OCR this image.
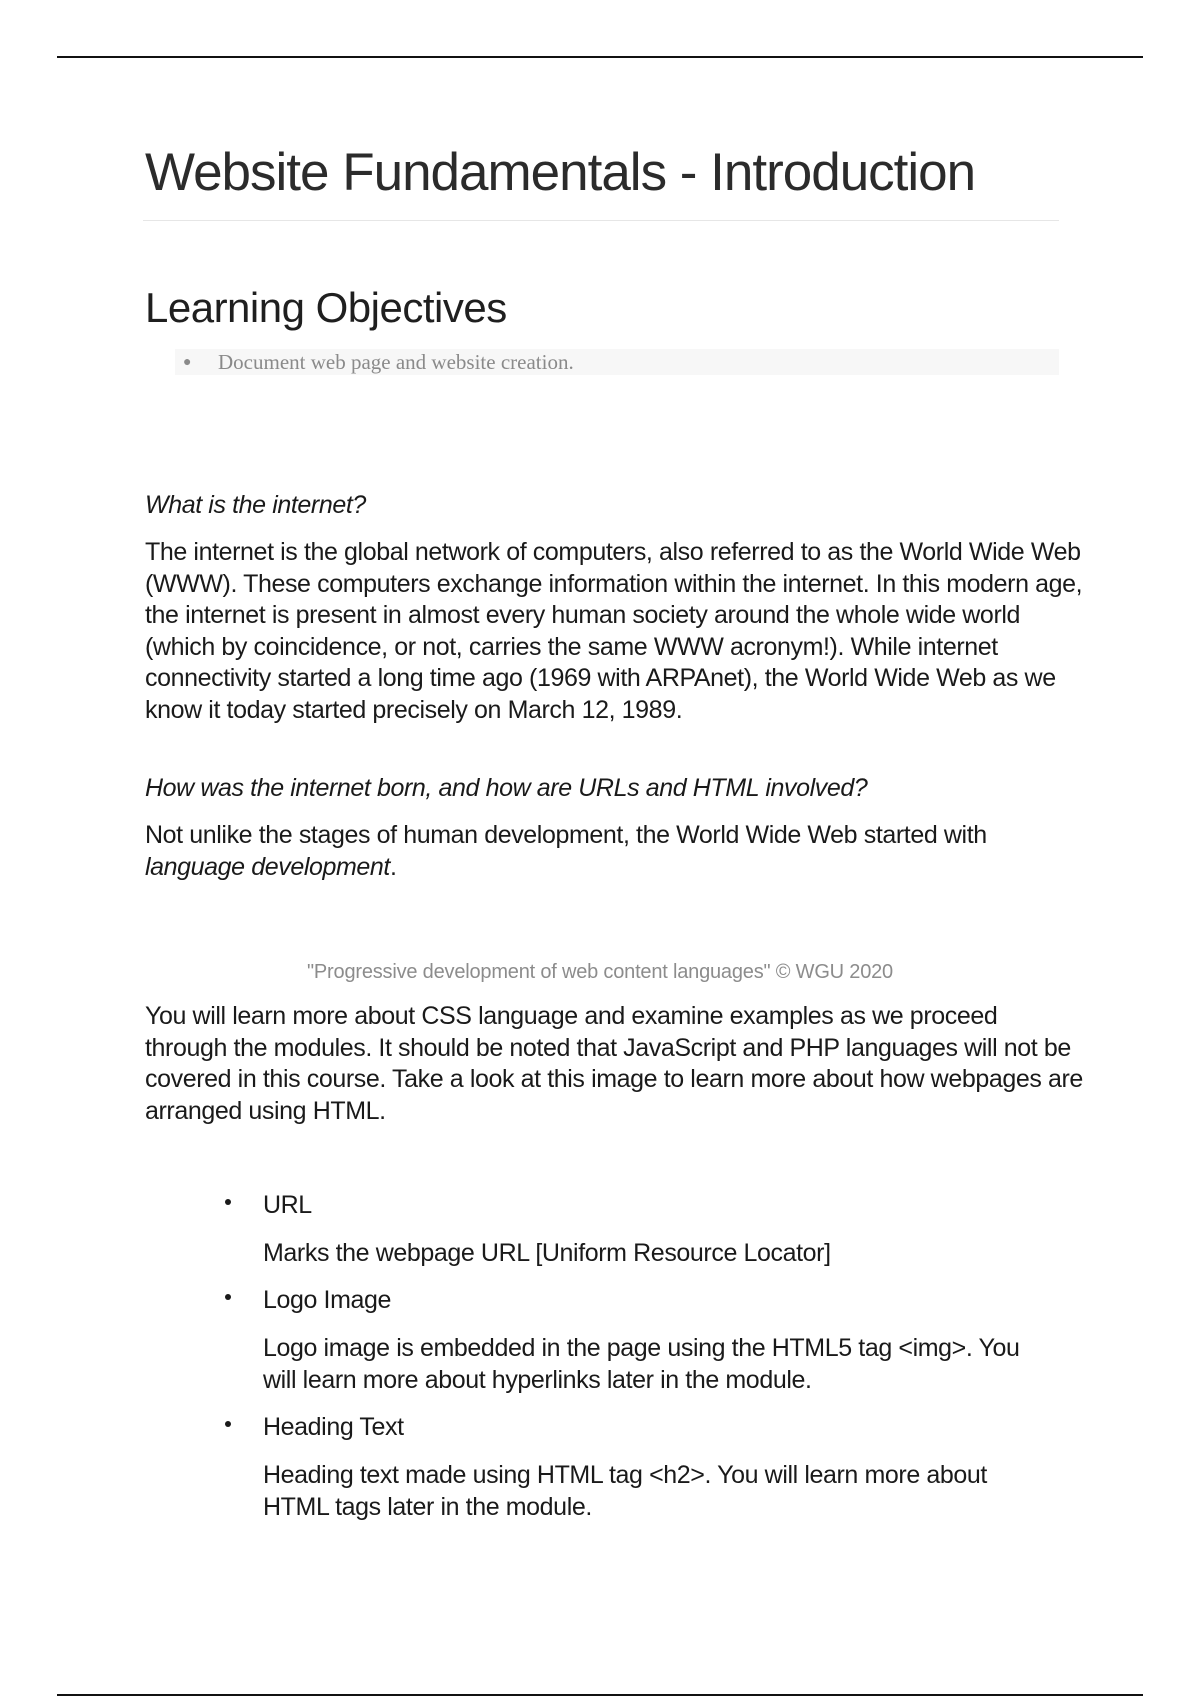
Website Fundamentals - Introduction
Learning Objectives
● Document web page and website creation.

What is the internet?

The internet is the global network of computers, also referred to as the World Wide Web (WWW). These computers exchange information within the internet. In this modern age, the internet is present in almost every human society around the whole wide world (which by coincidence, or not, carries the same WWW acronym!). While internet connectivity started a long time ago (1969 with ARPAnet), the World Wide Web as we know it today started precisely on March 12, 1989.

How was the internet born, and how are URLs and HTML involved?

Not unlike the stages of human development, the World Wide Web started with language development.

"Progressive development of web content languages" © WGU 2020

You will learn more about CSS language and examine examples as we proceed through the modules. It should be noted that JavaScript and PHP languages will not be covered in this course. Take a look at this image to learn more about how webpages are arranged using HTML.

URL

Marks the webpage URL [Uniform Resource Locator]

Logo Image

Logo image is embedded in the page using the HTML5 tag <img>. You will learn more about hyperlinks later in the module.

Heading Text

Heading text made using HTML tag <h2>. You will learn more about HTML tags later in the module.
